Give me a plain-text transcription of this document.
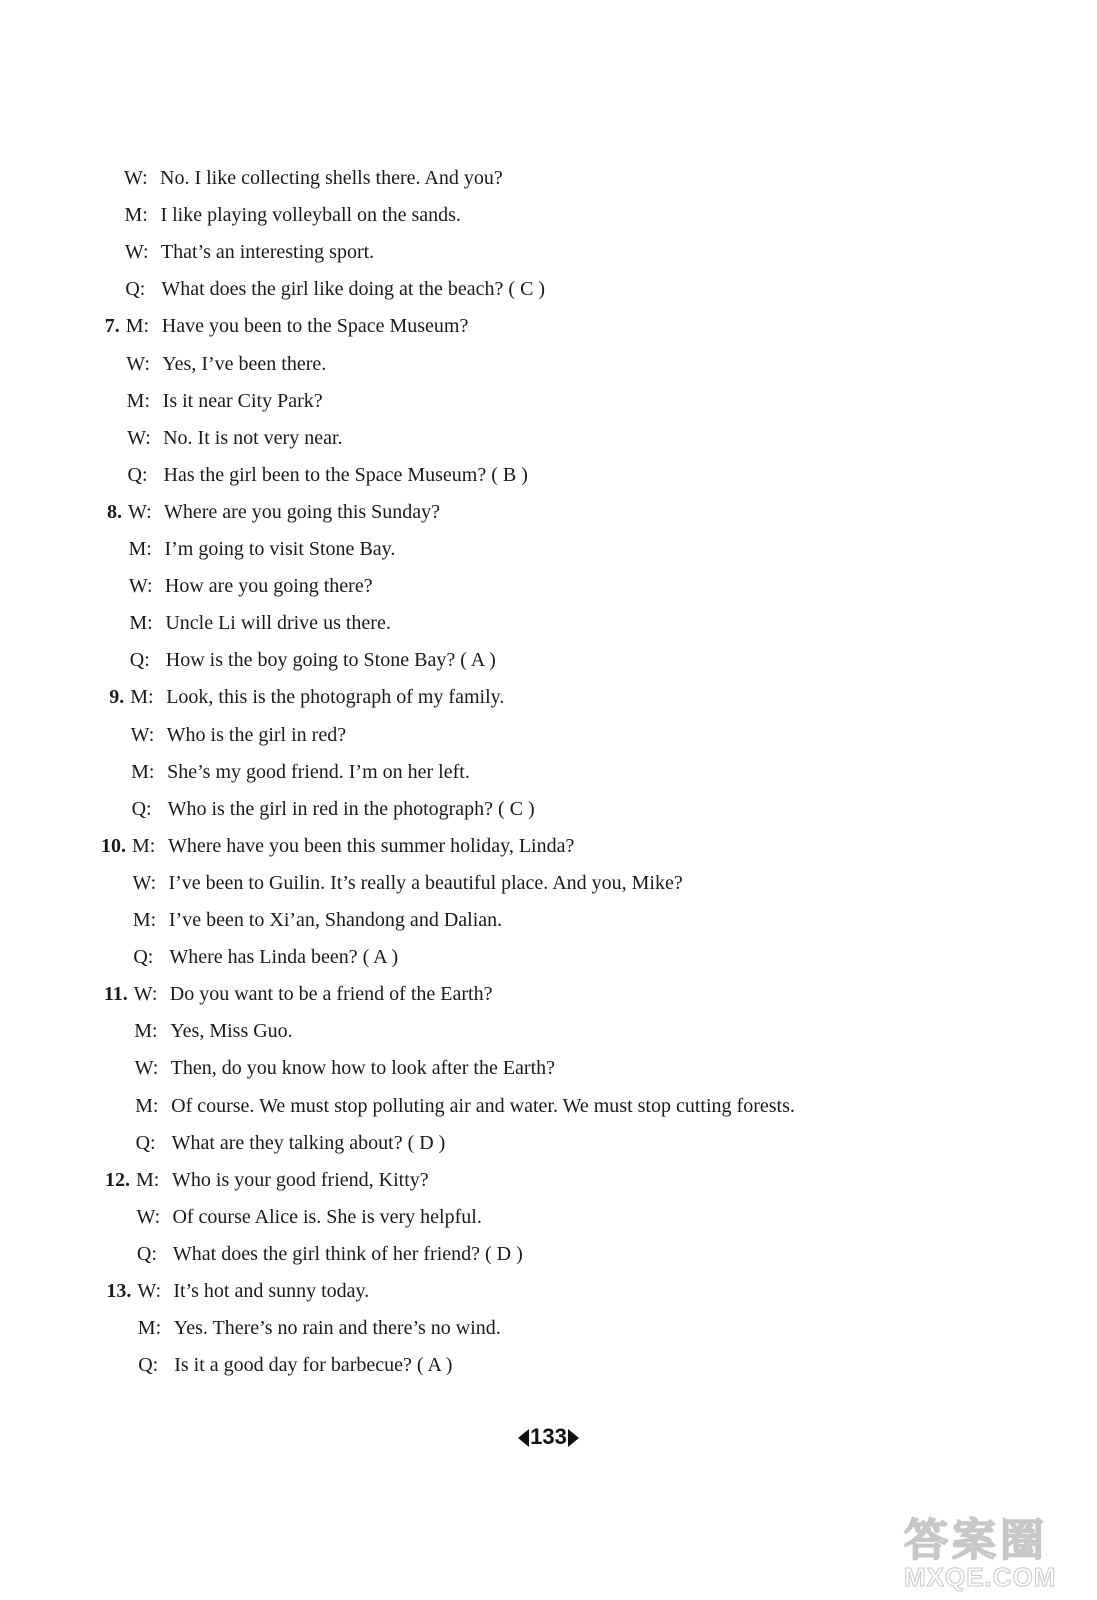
W: No. I like collecting shells there. And you?
M: I like playing volleyball on the sands.
W: That’s an interesting sport.
Q: What does the girl like doing at the beach? ( C )
7. M: Have you been to the Space Museum?
W: Yes, I’ve been there.
M: Is it near City Park?
W: No. It is not very near.
Q: Has the girl been to the Space Museum? ( B )
8. W: Where are you going this Sunday?
M: I’m going to visit Stone Bay.
W: How are you going there?
M: Uncle Li will drive us there.
Q: How is the boy going to Stone Bay? ( A )
9. M: Look, this is the photograph of my family.
W: Who is the girl in red?
M: She’s my good friend. I’m on her left.
Q: Who is the girl in red in the photograph? ( C )
10. M: Where have you been this summer holiday, Linda?
W: I’ve been to Guilin. It’s really a beautiful place. And you, Mike?
M: I’ve been to Xi’an, Shandong and Dalian.
Q: Where has Linda been? ( A )
11. W: Do you want to be a friend of the Earth?
M: Yes, Miss Guo.
W: Then, do you know how to look after the Earth?
M: Of course. We must stop polluting air and water. We must stop cutting forests.
Q: What are they talking about? ( D )
12. M: Who is your good friend, Kitty?
W: Of course Alice is. She is very helpful.
Q: What does the girl think of her friend? ( D )
13. W: It’s hot and sunny today.
M: Yes. There’s no rain and there’s no wind.
Q: Is it a good day for barbecue? ( A )
133
答案圈
MXQE.COM
